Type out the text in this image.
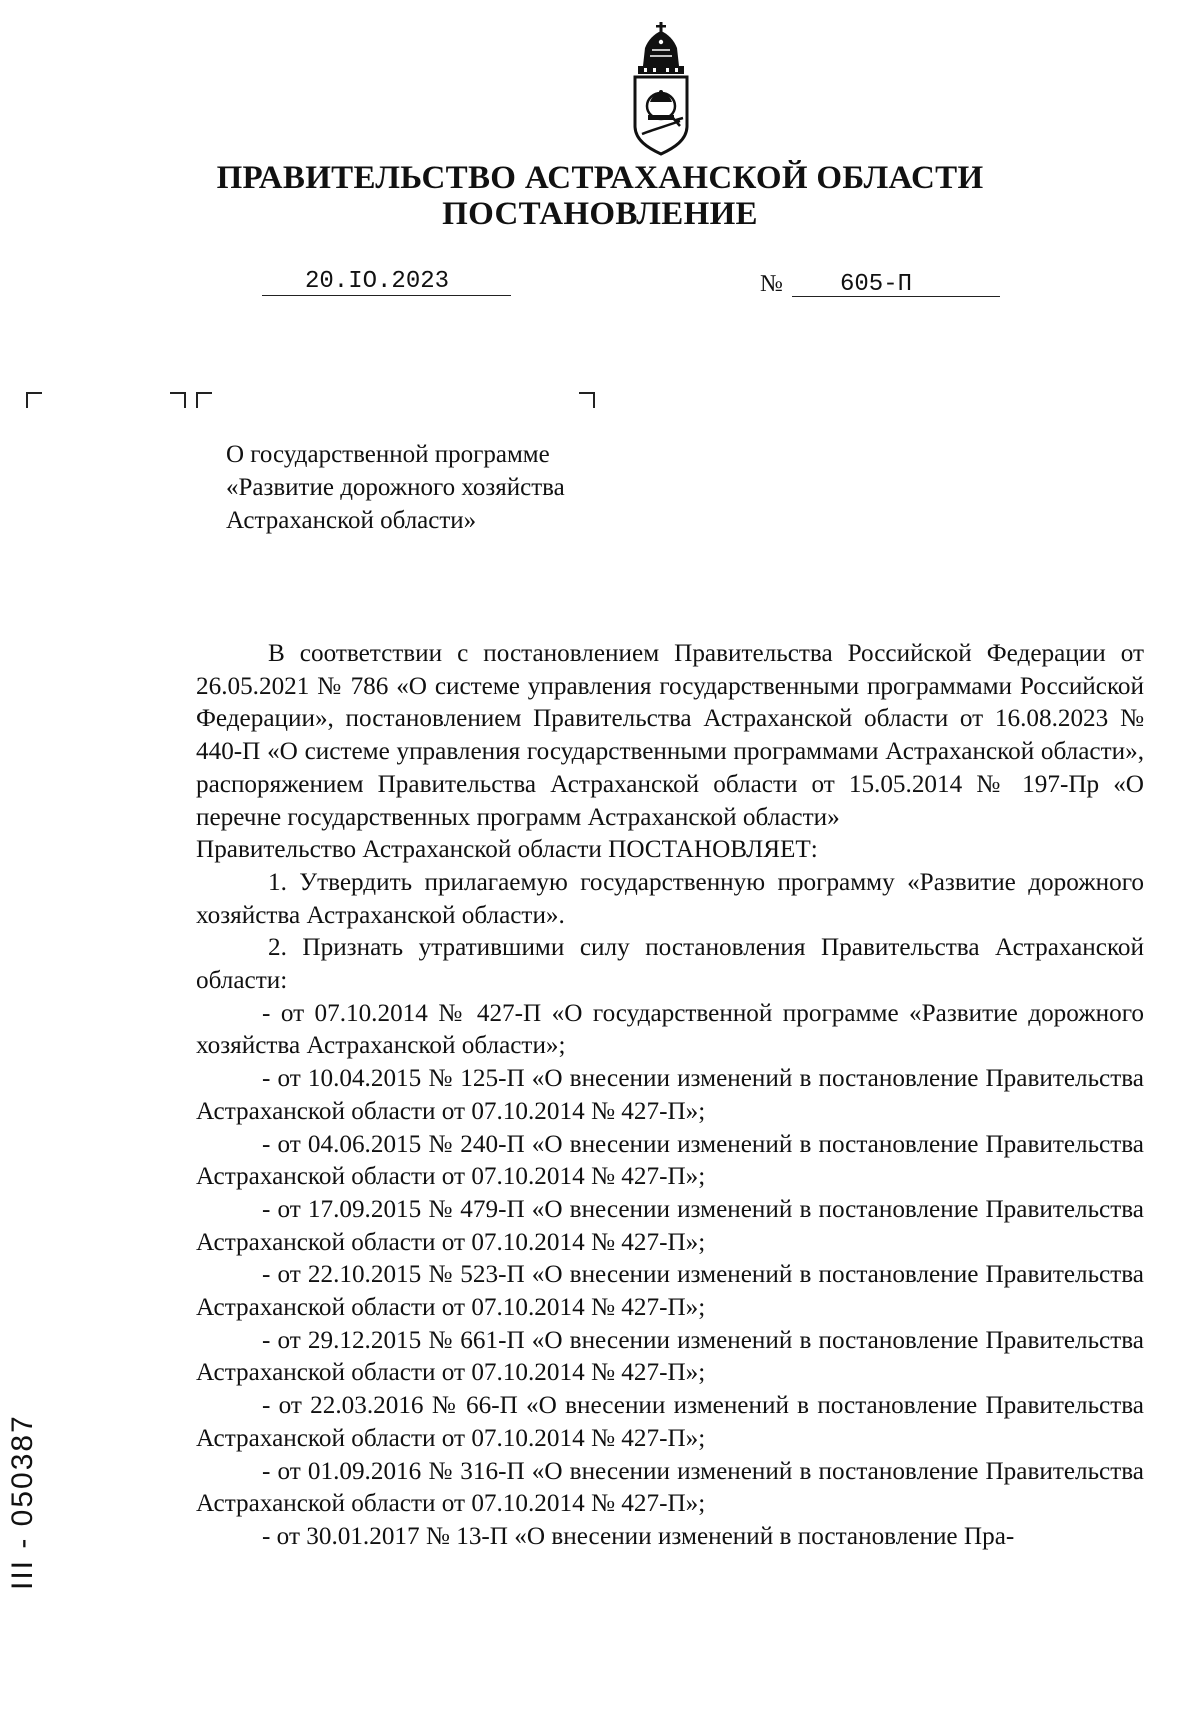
ПРАВИТЕЛЬСТВО АСТРАХАНСКОЙ ОБЛАСТИ
ПОСТАНОВЛЕНИЕ
20.IO.2023	№ 605-П
О государственной программе
«Развитие дорожного хозяйства
Астраханской области»

В соответствии с постановлением Правительства Российской Федерации от 26.05.2021 № 786 «О системе управления государственными программами Российской Федерации», постановлением Правительства Астраханской области от 16.08.2023 № 440-П «О системе управления государственными программами Астраханской области», распоряжением Правительства Астраханской области от 15.05.2014 № 197-Пр «О перечне государственных программ Астраханской области»

Правительство Астраханской области ПОСТАНОВЛЯЕТ:

1. Утвердить прилагаемую государственную программу «Развитие дорожного хозяйства Астраханской области».

2. Признать утратившими силу постановления Правительства Астраханской области:

- от 07.10.2014 № 427-П «О государственной программе «Развитие дорожного хозяйства Астраханской области»;

- от 10.04.2015 № 125-П «О внесении изменений в постановление Правительства Астраханской области от 07.10.2014 № 427-П»;

- от 04.06.2015 № 240-П «О внесении изменений в постановление Правительства Астраханской области от 07.10.2014 № 427-П»;

- от 17.09.2015 № 479-П «О внесении изменений в постановление Правительства Астраханской области от 07.10.2014 № 427-П»;

- от 22.10.2015 № 523-П «О внесении изменений в постановление Правительства Астраханской области от 07.10.2014 № 427-П»;

- от 29.12.2015 № 661-П «О внесении изменений в постановление Правительства Астраханской области от 07.10.2014 № 427-П»;

- от 22.03.2016 № 66-П «О внесении изменений в постановление Правительства Астраханской области от 07.10.2014 № 427-П»;

- от 01.09.2016 № 316-П «О внесении изменений в постановление Правительства Астраханской области от 07.10.2014 № 427-П»;

- от 30.01.2017 № 13-П «О внесении изменений в постановление Пра-

ІІІ - 050387
